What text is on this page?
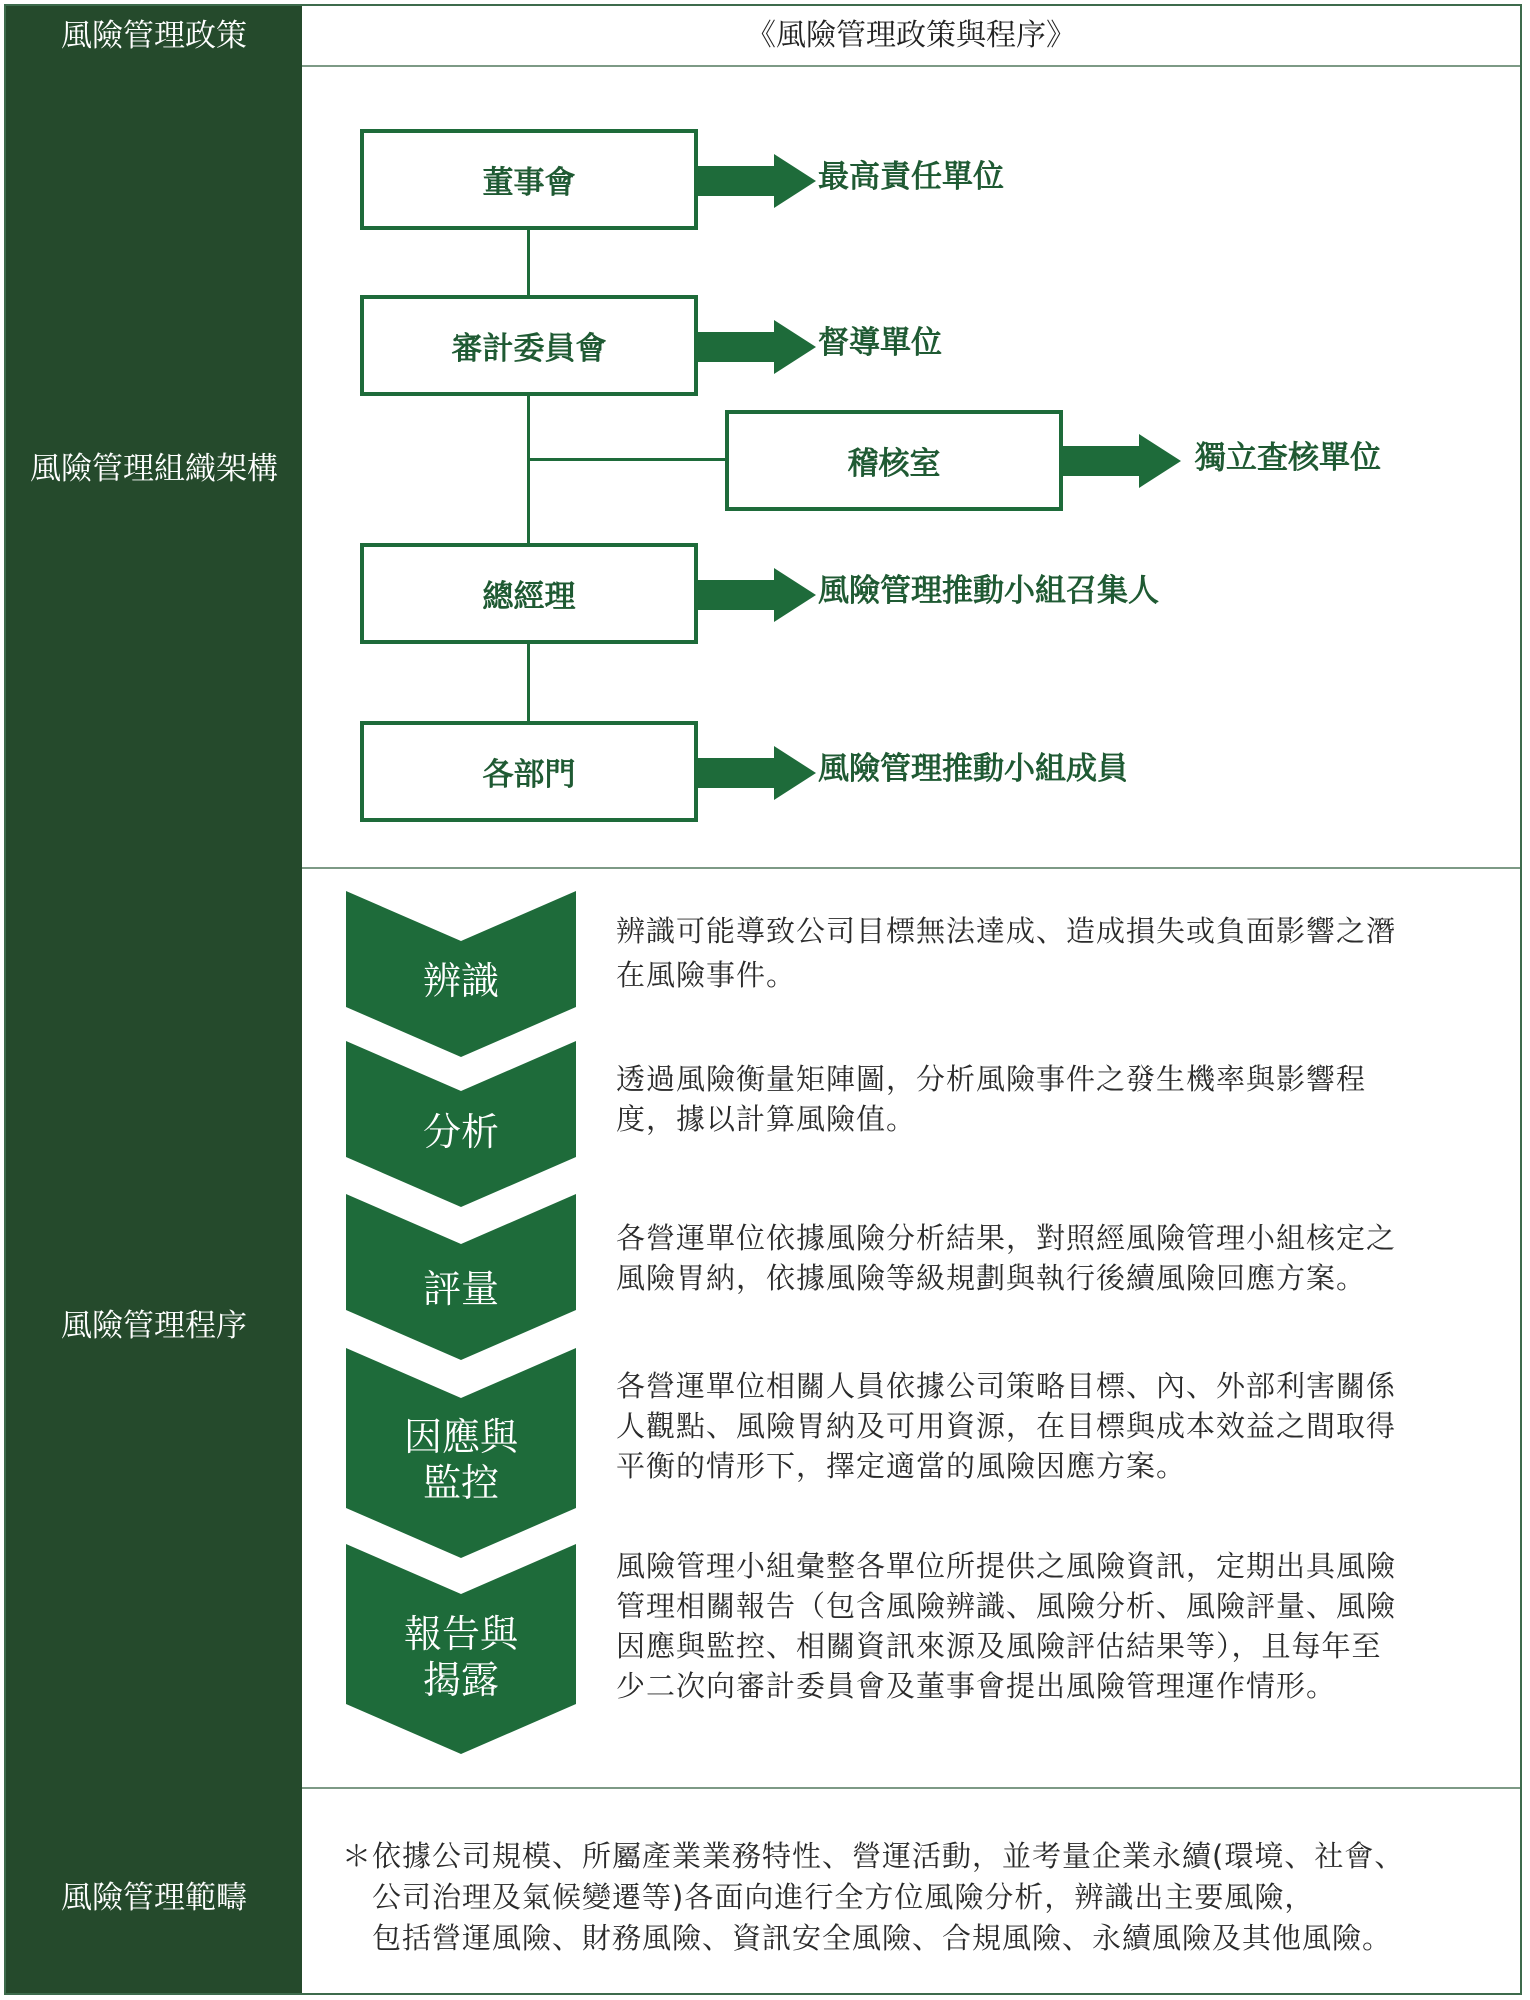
風險管理政策
風險管理組織架構
風險管理程序
風險管理範疇
《風險管理政策與程序》
董事會
審計委員會
稽核室
總經理
各部門
最高責任單位
督導單位
獨立查核單位
風險管理推動小組召集人
風險管理推動小組成員
辨識
分析
評量
因應與
監控
報告與
揭露
辨識可能導致公司目標無法達成、造成損失或負面影響之潛
在風險事件。
透過風險衡量矩陣圖，分析風險事件之發生機率與影響程
度，據以計算風險值。
各營運單位依據風險分析結果，對照經風險管理小組核定之
風險胃納，依據風險等級規劃與執行後續風險回應方案。
各營運單位相關人員依據公司策略目標、內、外部利害關係
人觀點、風險胃納及可用資源，在目標與成本效益之間取得
平衡的情形下，擇定適當的風險因應方案。
風險管理小組彙整各單位所提供之風險資訊，定期出具風險
管理相關報告（包含風險辨識、風險分析、風險評量、風險
因應與監控、相關資訊來源及風險評估結果等），且每年至
少二次向審計委員會及董事會提出風險管理運作情形。
＊依據公司規模、所屬產業業務特性、營運活動，並考量企業永續(環境、社會、
公司治理及氣候變遷等)各面向進行全方位風險分析，辨識出主要風險，
包括營運風險、財務風險、資訊安全風險、合規風險、永續風險及其他風險。
